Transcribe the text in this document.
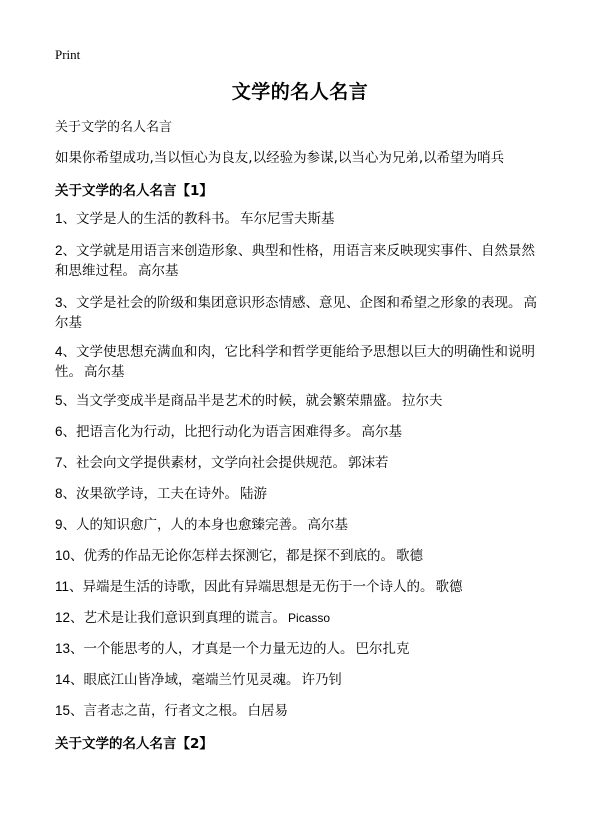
Print
文学的名人名言
关于文学的名人名言
如果你希望成功,当以恒心为良友,以经验为参谋,以当心为兄弟,以希望为哨兵
关于文学的名人名言【1】
1、文学是人的生活的教科书。 车尔尼雪夫斯基
2、文学就是用语言来创造形象、典型和性格，用语言来反映现实事件、自然景然和思维过程。 高尔基
3、文学是社会的阶级和集团意识形态情感、意见、企图和希望之形象的表现。 高尔基
4、文学使思想充满血和肉，它比科学和哲学更能给予思想以巨大的明确性和说明性。 高尔基
5、当文学变成半是商品半是艺术的时候，就会繁荣鼎盛。 拉尔夫
6、把语言化为行动，比把行动化为语言困难得多。 高尔基
7、社会向文学提供素材，文学向社会提供规范。 郭沫若
8、汝果欲学诗，工夫在诗外。 陆游
9、人的知识愈广，人的本身也愈臻完善。 高尔基
10、优秀的作品无论你怎样去探测它，都是探不到底的。 歌德
11、异端是生活的诗歌，因此有异端思想是无伤于一个诗人的。 歌德
12、艺术是让我们意识到真理的谎言。 Picasso
13、一个能思考的人，才真是一个力量无边的人。 巴尔扎克
14、眼底江山皆净域，毫端兰竹见灵魂。 许乃钊
15、言者志之苗，行者文之根。 白居易
关于文学的名人名言【2】
